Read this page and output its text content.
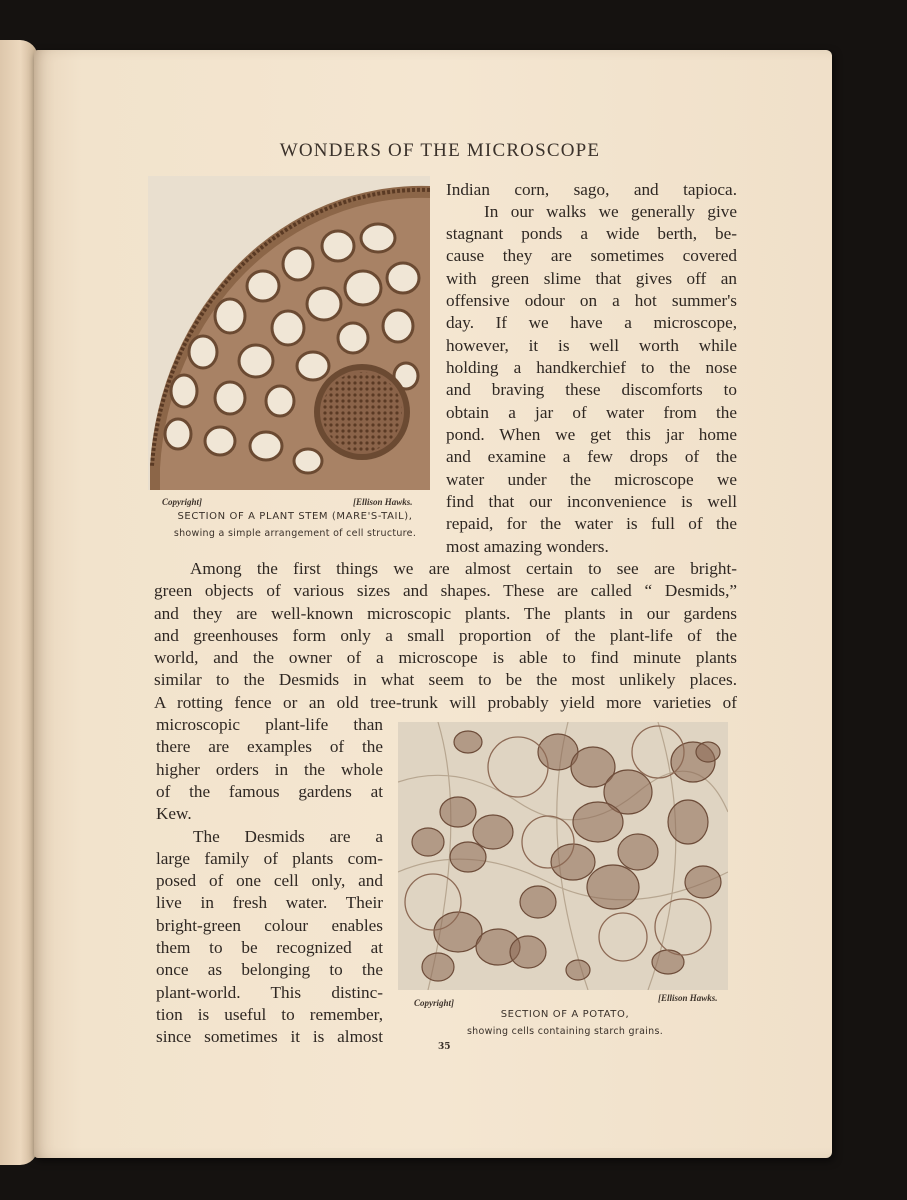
WONDERS OF THE MICROSCOPE
Copyright]	[Ellison Hawks.
SECTION OF A PLANT STEM (MARE'S-TAIL),
showing a simple arrangement of cell structure.
Copyright]	[Ellison Hawks.
SECTION OF A POTATO,
showing cells containing starch grains.
Indian corn, sago, and tapioca.
In our walks we generally give
stagnant ponds a wide berth, be-
cause they are sometimes covered
with green slime that gives off an
offensive odour on a hot summer's
day. If we have a microscope,
however, it is well worth while
holding a handkerchief to the nose
and braving these discomforts to
obtain a jar of water from the
pond. When we get this jar home
and examine a few drops of the
water under the microscope we
find that our inconvenience is well
repaid, for the water is full of the
most amazing wonders.
Among the first things we are almost certain to see are bright-
green objects of various sizes and shapes. These are called “ Desmids,”
and they are well-known microscopic plants. The plants in our gardens
and greenhouses form only a small proportion of the plant-life of the
world, and the owner of a microscope is able to find minute plants
similar to the Desmids in what seem to be the most unlikely places.
A rotting fence or an old tree-trunk will probably yield more varieties of
microscopic plant-life than
there are examples of the
higher orders in the whole
of the famous gardens at
Kew.
The Desmids are a
large family of plants com-
posed of one cell only, and
live in fresh water. Their
bright-green colour enables
them to be recognized at
once as belonging to the
plant-world. This distinc-
tion is useful to remember,
since sometimes it is almost
35
